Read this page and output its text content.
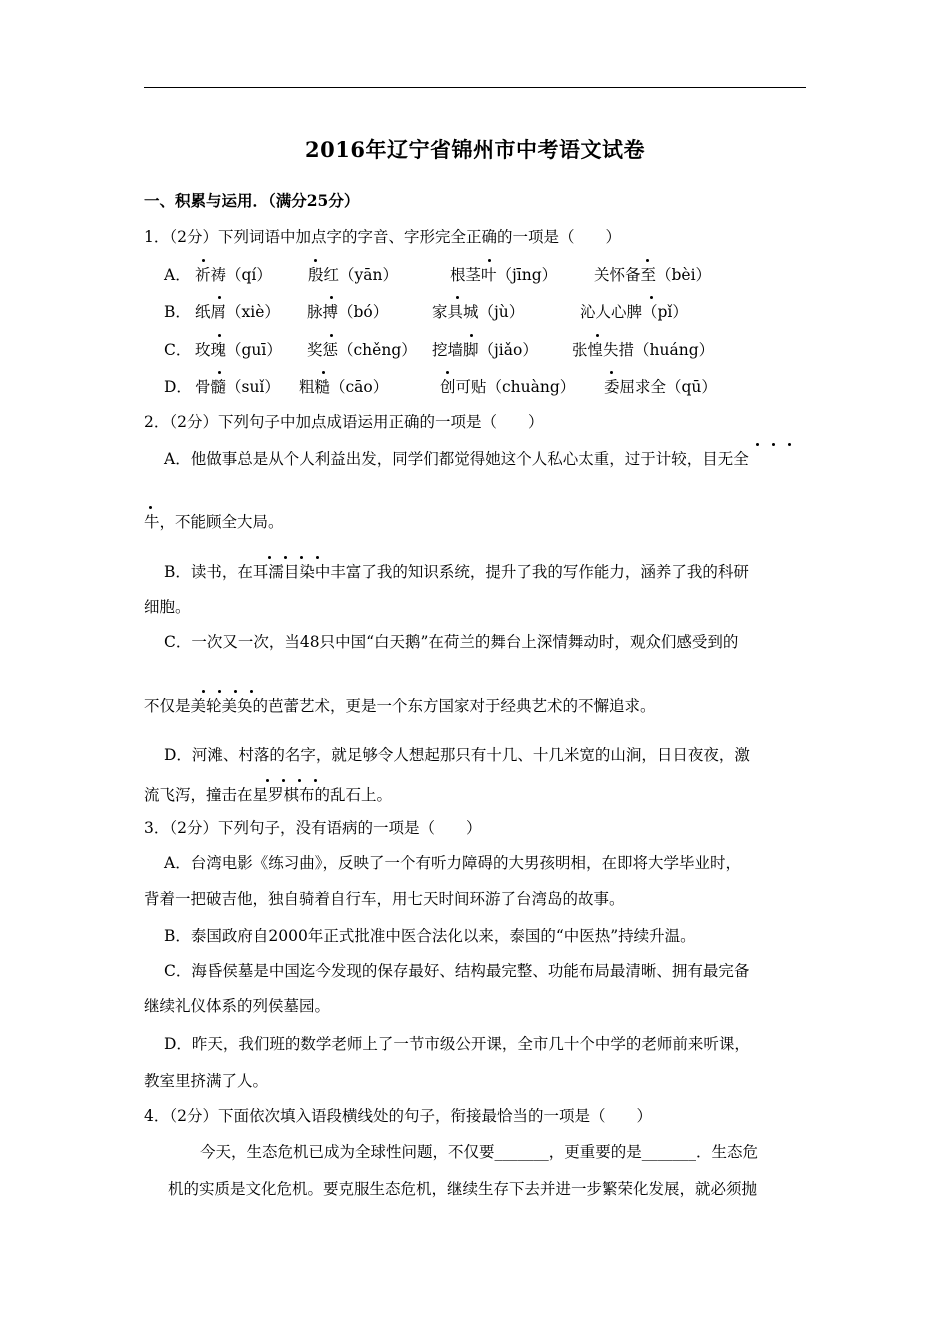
2016年辽宁省锦州市中考语文试卷
一、积累与运用．（满分25分）
1．（2分）下列词语中加点字的字音、字形完全正确的一项是（　　）
A． 祈祷（qí） 殷红（yān）	根茎叶（jīng） 关怀备至（bèi）
B． 纸屑（xiè） 脉搏（bó）	家具城（jù）	沁人心脾（pǐ）
C． 玫瑰（guī） 奖惩（chěng） 挖墙脚（jiǎo） 张惶失措（huáng）
D． 骨髓（suǐ） 粗糙（cāo）	创可贴（chuàng） 委屈求全（qū）
2．（2分）下列句子中加点成语运用正确的一项是（　　）
A．他做事总是从个人利益出发，同学们都觉得她这个人私心太重，过于计较，目无全
牛，不能顾全大局。
B．读书，在耳濡目染中丰富了我的知识系统，提升了我的写作能力，涵养了我的科研
细胞。
C．一次又一次，当48只中国“白天鹅”在荷兰的舞台上深情舞动时，观众们感受到的
不仅是美轮美奂的芭蕾艺术，更是一个东方国家对于经典艺术的不懈追求。
D．河滩、村落的名字，就足够令人想起那只有十几、十几米宽的山涧，日日夜夜，激
流飞泻，撞击在星罗棋布的乱石上。
3．（2分）下列句子，没有语病的一项是（　　）
A．台湾电影《练习曲》，反映了一个有听力障碍的大男孩明相，在即将大学毕业时，
背着一把破吉他，独自骑着自行车，用七天时间环游了台湾岛的故事。
B．泰国政府自2000年正式批准中医合法化以来，泰国的“中医热”持续升温。
C．海昏侯墓是中国迄今发现的保存最好、结构最完整、功能布局最清晰、拥有最完备
继续礼仪体系的列侯墓园。
D．昨天，我们班的数学老师上了一节市级公开课，全市几十个中学的老师前来听课，
教室里挤满了人。
4．（2分）下面依次填入语段横线处的句子，衔接最恰当的一项是（　　）
今天，生态危机已成为全球性问题，不仅要_______，更重要的是_______．生态危
机的实质是文化危机。要克服生态危机，继续生存下去并进一步繁荣化发展，就必须抛
